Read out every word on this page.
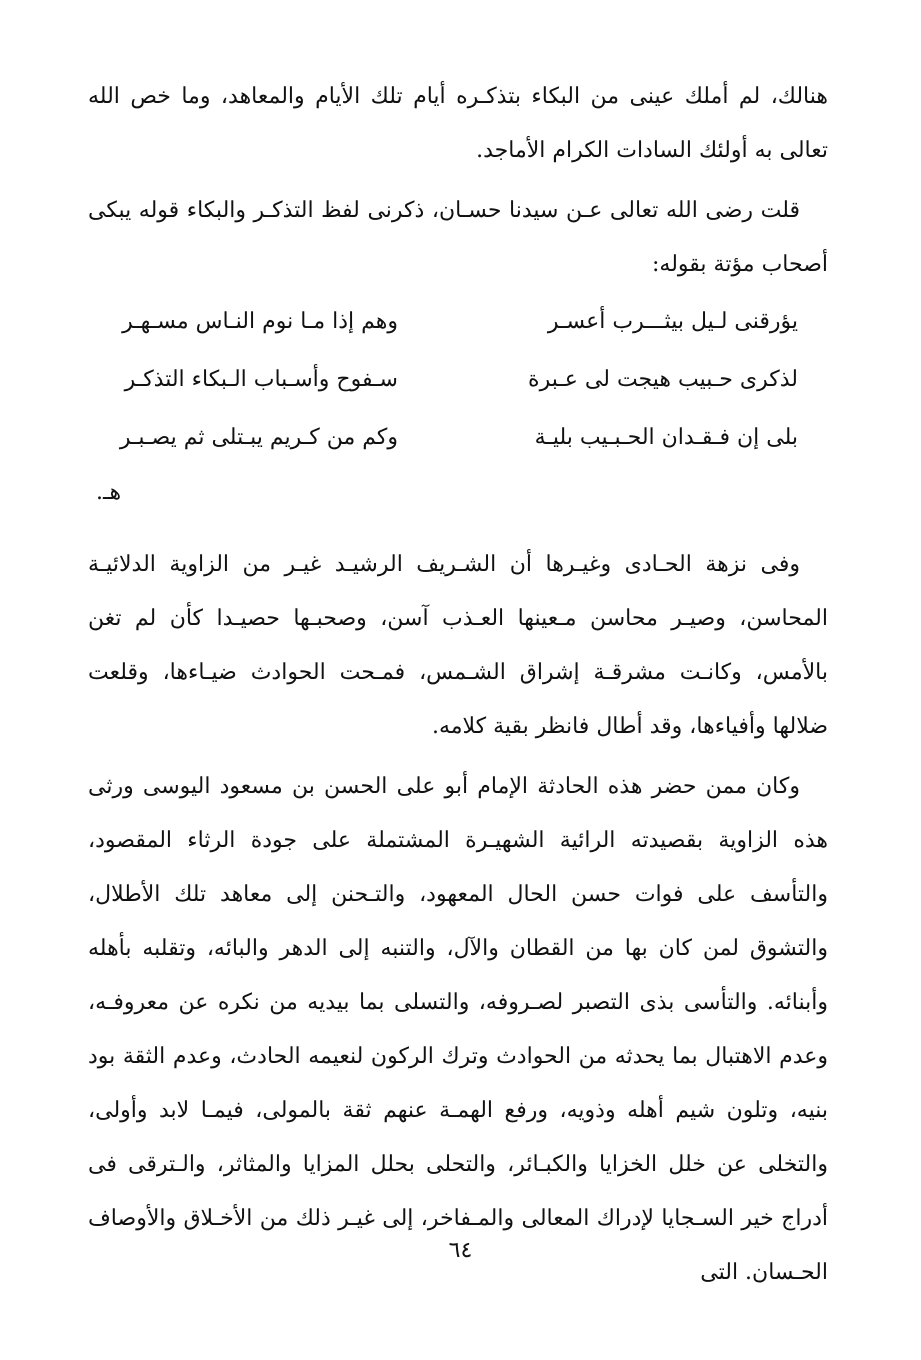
هنالك، لم أملك عينى من البكاء بتذكـره أيام تلك الأيام والمعاهد، وما خص الله تعالى به أولئك السادات الكرام الأماجد.

قلت رضى الله تعالى عـن سيدنا حسـان، ذكرنى لفظ التذكـر والبكاء قوله يبكى أصحاب مؤتة بقوله:

يؤرقنى لـيل بيثـــرب أعسـر
وهم إذا مـا نوم النـاس مسـهـر
لذكرى حـبيب هيجت لى عـبرة
سـفوح وأسـباب الـبكاء التذكـر
بلى إن فـقـدان الحـبـيب بليـة
وكم من كـريم يبـتلى ثم يصـبـر
هـ.

وفى نزهة الحـادى وغيـرها أن الشـريف الرشيـد غيـر من الزاوية الدلائيـة المحاسن، وصيـر محاسن مـعينها العـذب آسن، وصحبـها حصيـدا كأن لم تغن بالأمس، وكانـت مشرقـة إشراق الشـمس، فمـحت الحوادث ضيـاءها، وقلعت ضلالها وأفياءها، وقد أطال فانظر بقية كلامه.

وكان ممن حضر هذه الحادثة الإمام أبو على الحسن بن مسعود اليوسى ورثى هذه الزاوية بقصيدته الرائية الشهيـرة المشتملة على جودة الرثاء المقصود، والتأسف على فوات حسن الحال المعهود، والتـحنن إلى معاهد تلك الأطلال، والتشوق لمن كان بها من القطان والآل، والتنبه إلى الدهر والبائه، وتقلبه بأهله وأبنائه. والتأسى بذى التصبر لصـروفه، والتسلى بما بيديه من نكره عن معروفـه، وعدم الاهتبال بما يحدثه من الحوادث وترك الركون لنعيمه الحادث، وعدم الثقة بود بنيه، وتلون شيم أهله وذويه، ورفع الهمـة عنهم ثقة بالمولى، فيمـا لابد وأولى، والتخلى عن خلل الخزايا والكبـائر، والتحلى بحلل المزايا والمثاثر، والـترقى فى أدراج خير السـجايا لإدراك المعالى والمـفاخر، إلى غيـر ذلك من الأخـلاق والأوصاف الحـسان. التى

٦٤
